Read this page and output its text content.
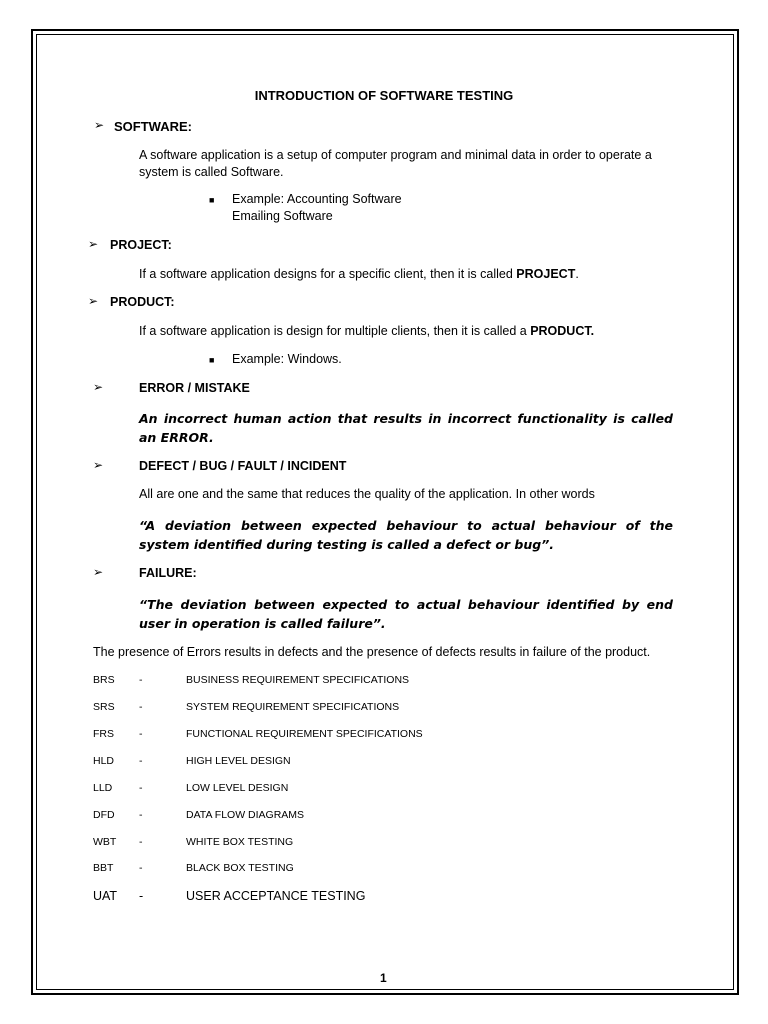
INTRODUCTION OF SOFTWARE TESTING
➢ SOFTWARE:
A software application is a setup of computer program and minimal data in order to operate a system is called Software.
■ Example: Accounting Software
Emailing Software
➢ PROJECT:
If a software application designs for a specific client, then it is called PROJECT.
➢ PRODUCT:
If a software application is design for multiple clients, then it is called a PRODUCT.
■ Example: Windows.
➢	ERROR / MISTAKE
An incorrect human action that results in incorrect functionality is called an ERROR.
➢	DEFECT / BUG / FAULT / INCIDENT
All are one and the same that reduces the quality of the application. In other words
“A deviation between expected behaviour to actual behaviour of the system identified during testing is called a defect or bug”.
➢	FAILURE:
“The deviation between expected to actual behaviour identified by end user in operation is called failure”.
The presence of Errors results in defects and the presence of defects results in failure of the product.
BRS -	BUSINESS REQUIREMENT SPECIFICATIONS
SRS -	SYSTEM REQUIREMENT SPECIFICATIONS
FRS -	FUNCTIONAL REQUIREMENT SPECIFICATIONS
HLD -	HIGH LEVEL DESIGN
LLD	-	LOW LEVEL DESIGN
DFD -	DATA FLOW DIAGRAMS
WBT -	WHITE BOX TESTING
BBT -	BLACK BOX TESTING
UAT -	USER ACCEPTANCE TESTING
1
